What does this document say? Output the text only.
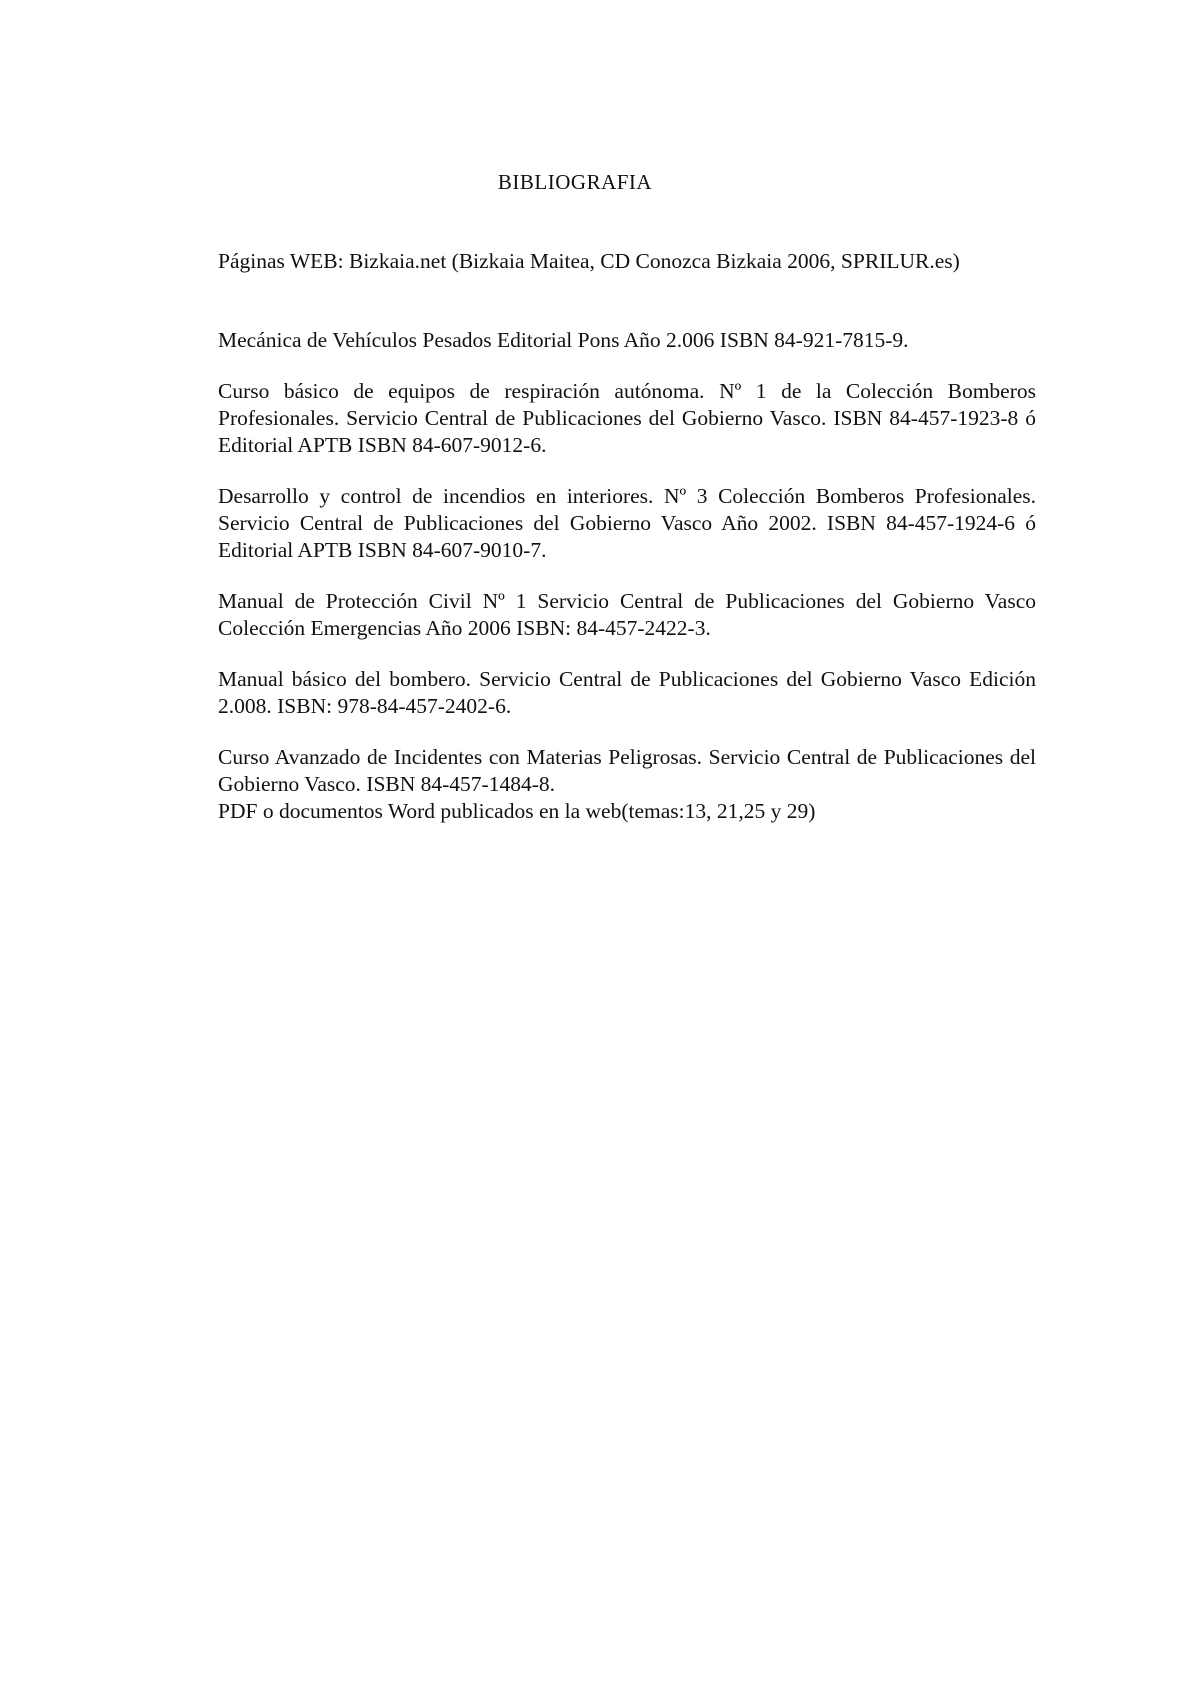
BIBLIOGRAFIA

Páginas WEB: Bizkaia.net (Bizkaia Maitea, CD Conozca Bizkaia 2006, SPRILUR.es)

Mecánica de Vehículos Pesados Editorial Pons Año 2.006 ISBN 84-921-7815-9.

Curso básico de equipos de respiración autónoma. Nº 1 de la Colección Bomberos Profesionales. Servicio Central de Publicaciones del Gobierno Vasco. ISBN 84-457-1923-8 ó Editorial APTB ISBN 84-607-9012-6.

Desarrollo y control de incendios en interiores. Nº 3 Colección Bomberos Profesionales. Servicio Central de Publicaciones del Gobierno Vasco Año 2002. ISBN 84-457-1924-6 ó Editorial APTB ISBN 84-607-9010-7.

Manual de Protección Civil Nº 1 Servicio Central de Publicaciones del Gobierno Vasco Colección Emergencias Año 2006 ISBN: 84-457-2422-3.

Manual básico del bombero. Servicio Central de Publicaciones del Gobierno Vasco Edición 2.008. ISBN: 978-84-457-2402-6.

Curso Avanzado de Incidentes con Materias Peligrosas. Servicio Central de Publicaciones del Gobierno Vasco. ISBN 84-457-1484-8.

PDF o documentos Word publicados en la web(temas:13, 21,25 y 29)
